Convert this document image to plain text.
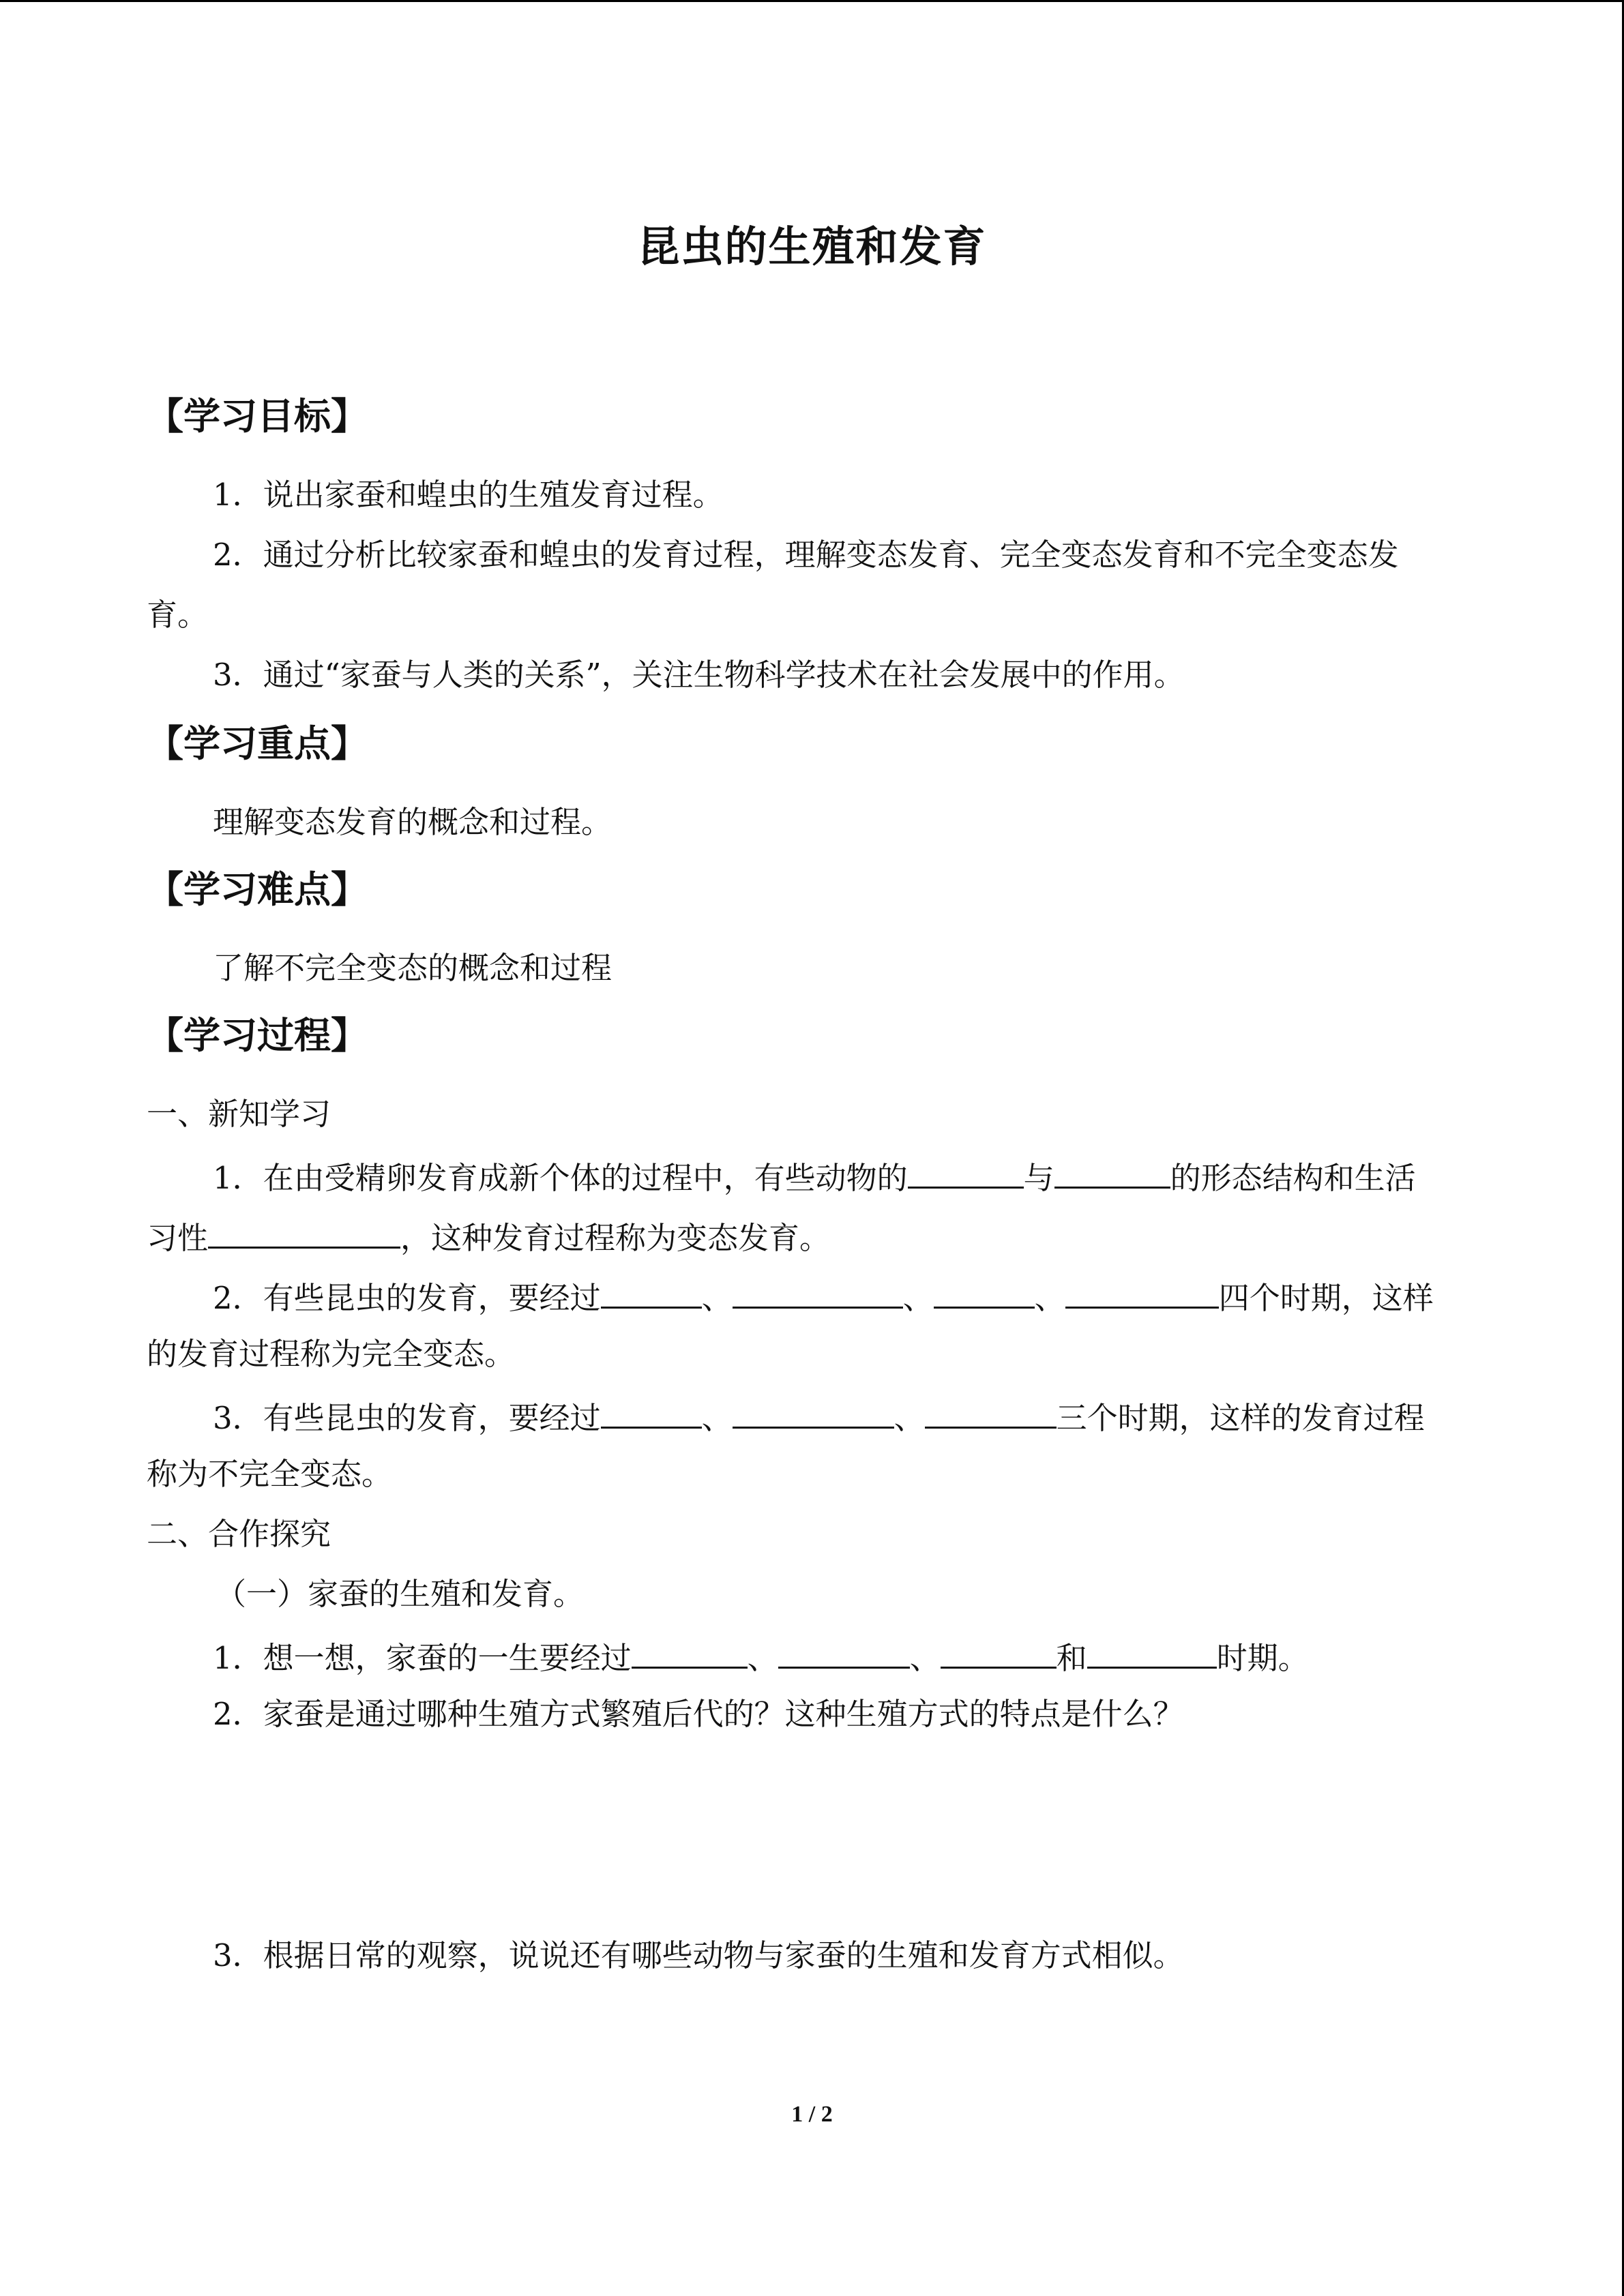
昆虫的生殖和发育
【学习目标】
1．说出家蚕和蝗虫的生殖发育过程。
2．通过分析比较家蚕和蝗虫的发育过程，理解变态发育、完全变态发育和不完全变态发
育。
3．通过“家蚕与人类的关系”，关注生物科学技术在社会发展中的作用。
【学习重点】
理解变态发育的概念和过程。
【学习难点】
了解不完全变态的概念和过程
【学习过程】
一、新知学习
1．在由受精卵发育成新个体的过程中，有些动物的	与	的形态结构和生活
习性	，这种发育过程称为变态发育。
2．有些昆虫的发育，要经过	、	、	、	四个时期，这样
的发育过程称为完全变态。
3．有些昆虫的发育，要经过	、	、	三个时期，这样的发育过程
称为不完全变态。
二、合作探究
（一）家蚕的生殖和发育。
1．想一想，家蚕的一生要经过	、	、	和	时期。
2．家蚕是通过哪种生殖方式繁殖后代的？这种生殖方式的特点是什么？
3．根据日常的观察，说说还有哪些动物与家蚕的生殖和发育方式相似。
1 / 2
